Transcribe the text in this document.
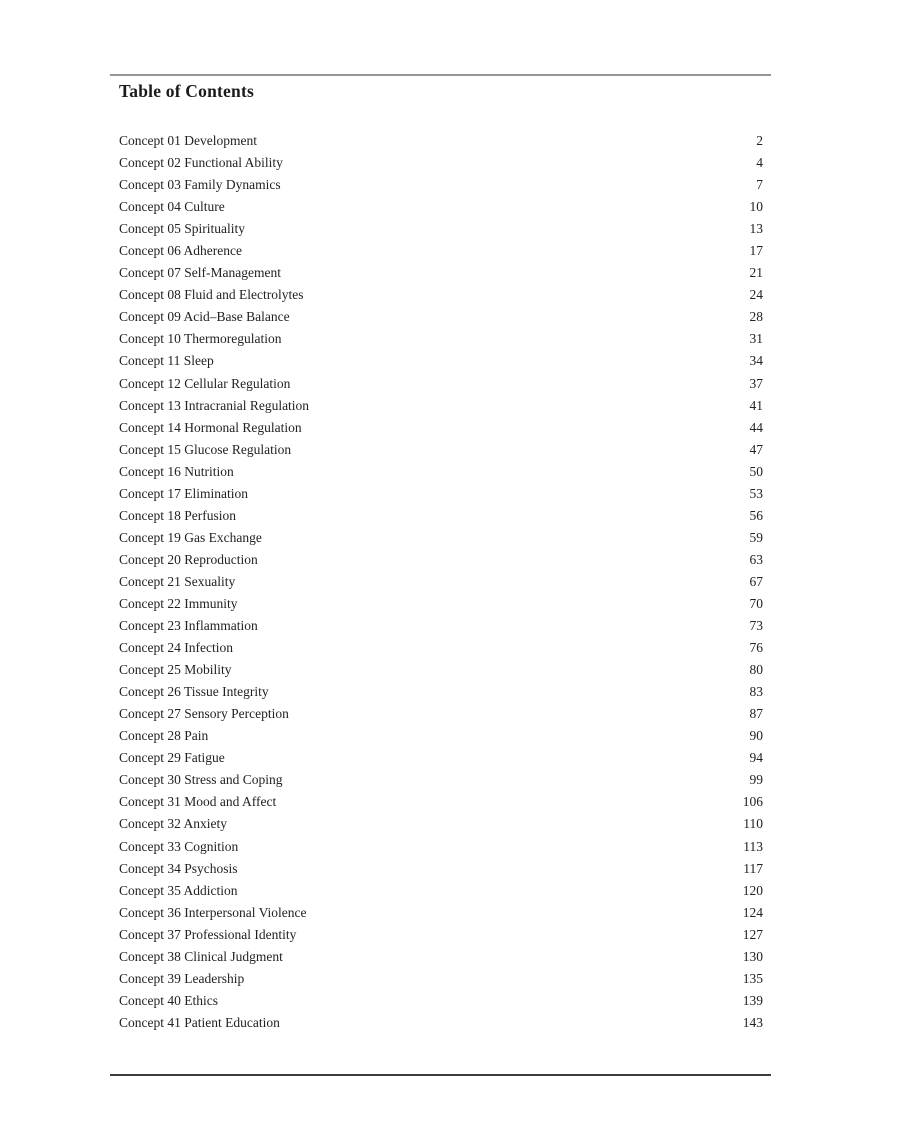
Table of Contents
Concept 01 Development	2
Concept 02 Functional Ability	4
Concept 03 Family Dynamics	7
Concept 04 Culture	10
Concept 05 Spirituality	13
Concept 06 Adherence	17
Concept 07 Self-Management	21
Concept 08 Fluid and Electrolytes	24
Concept 09 Acid–Base Balance	28
Concept 10 Thermoregulation	31
Concept 11 Sleep	34
Concept 12 Cellular Regulation	37
Concept 13 Intracranial Regulation	41
Concept 14 Hormonal Regulation	44
Concept 15 Glucose Regulation	47
Concept 16 Nutrition	50
Concept 17 Elimination	53
Concept 18 Perfusion	56
Concept 19 Gas Exchange	59
Concept 20 Reproduction	63
Concept 21 Sexuality	67
Concept 22 Immunity	70
Concept 23 Inflammation	73
Concept 24 Infection	76
Concept 25 Mobility	80
Concept 26 Tissue Integrity	83
Concept 27 Sensory Perception	87
Concept 28 Pain	90
Concept 29 Fatigue	94
Concept 30 Stress and Coping	99
Concept 31 Mood and Affect	106
Concept 32 Anxiety	110
Concept 33 Cognition	113
Concept 34 Psychosis	117
Concept 35 Addiction	120
Concept 36 Interpersonal Violence	124
Concept 37 Professional Identity	127
Concept 38 Clinical Judgment	130
Concept 39 Leadership	135
Concept 40 Ethics	139
Concept 41 Patient Education	143
